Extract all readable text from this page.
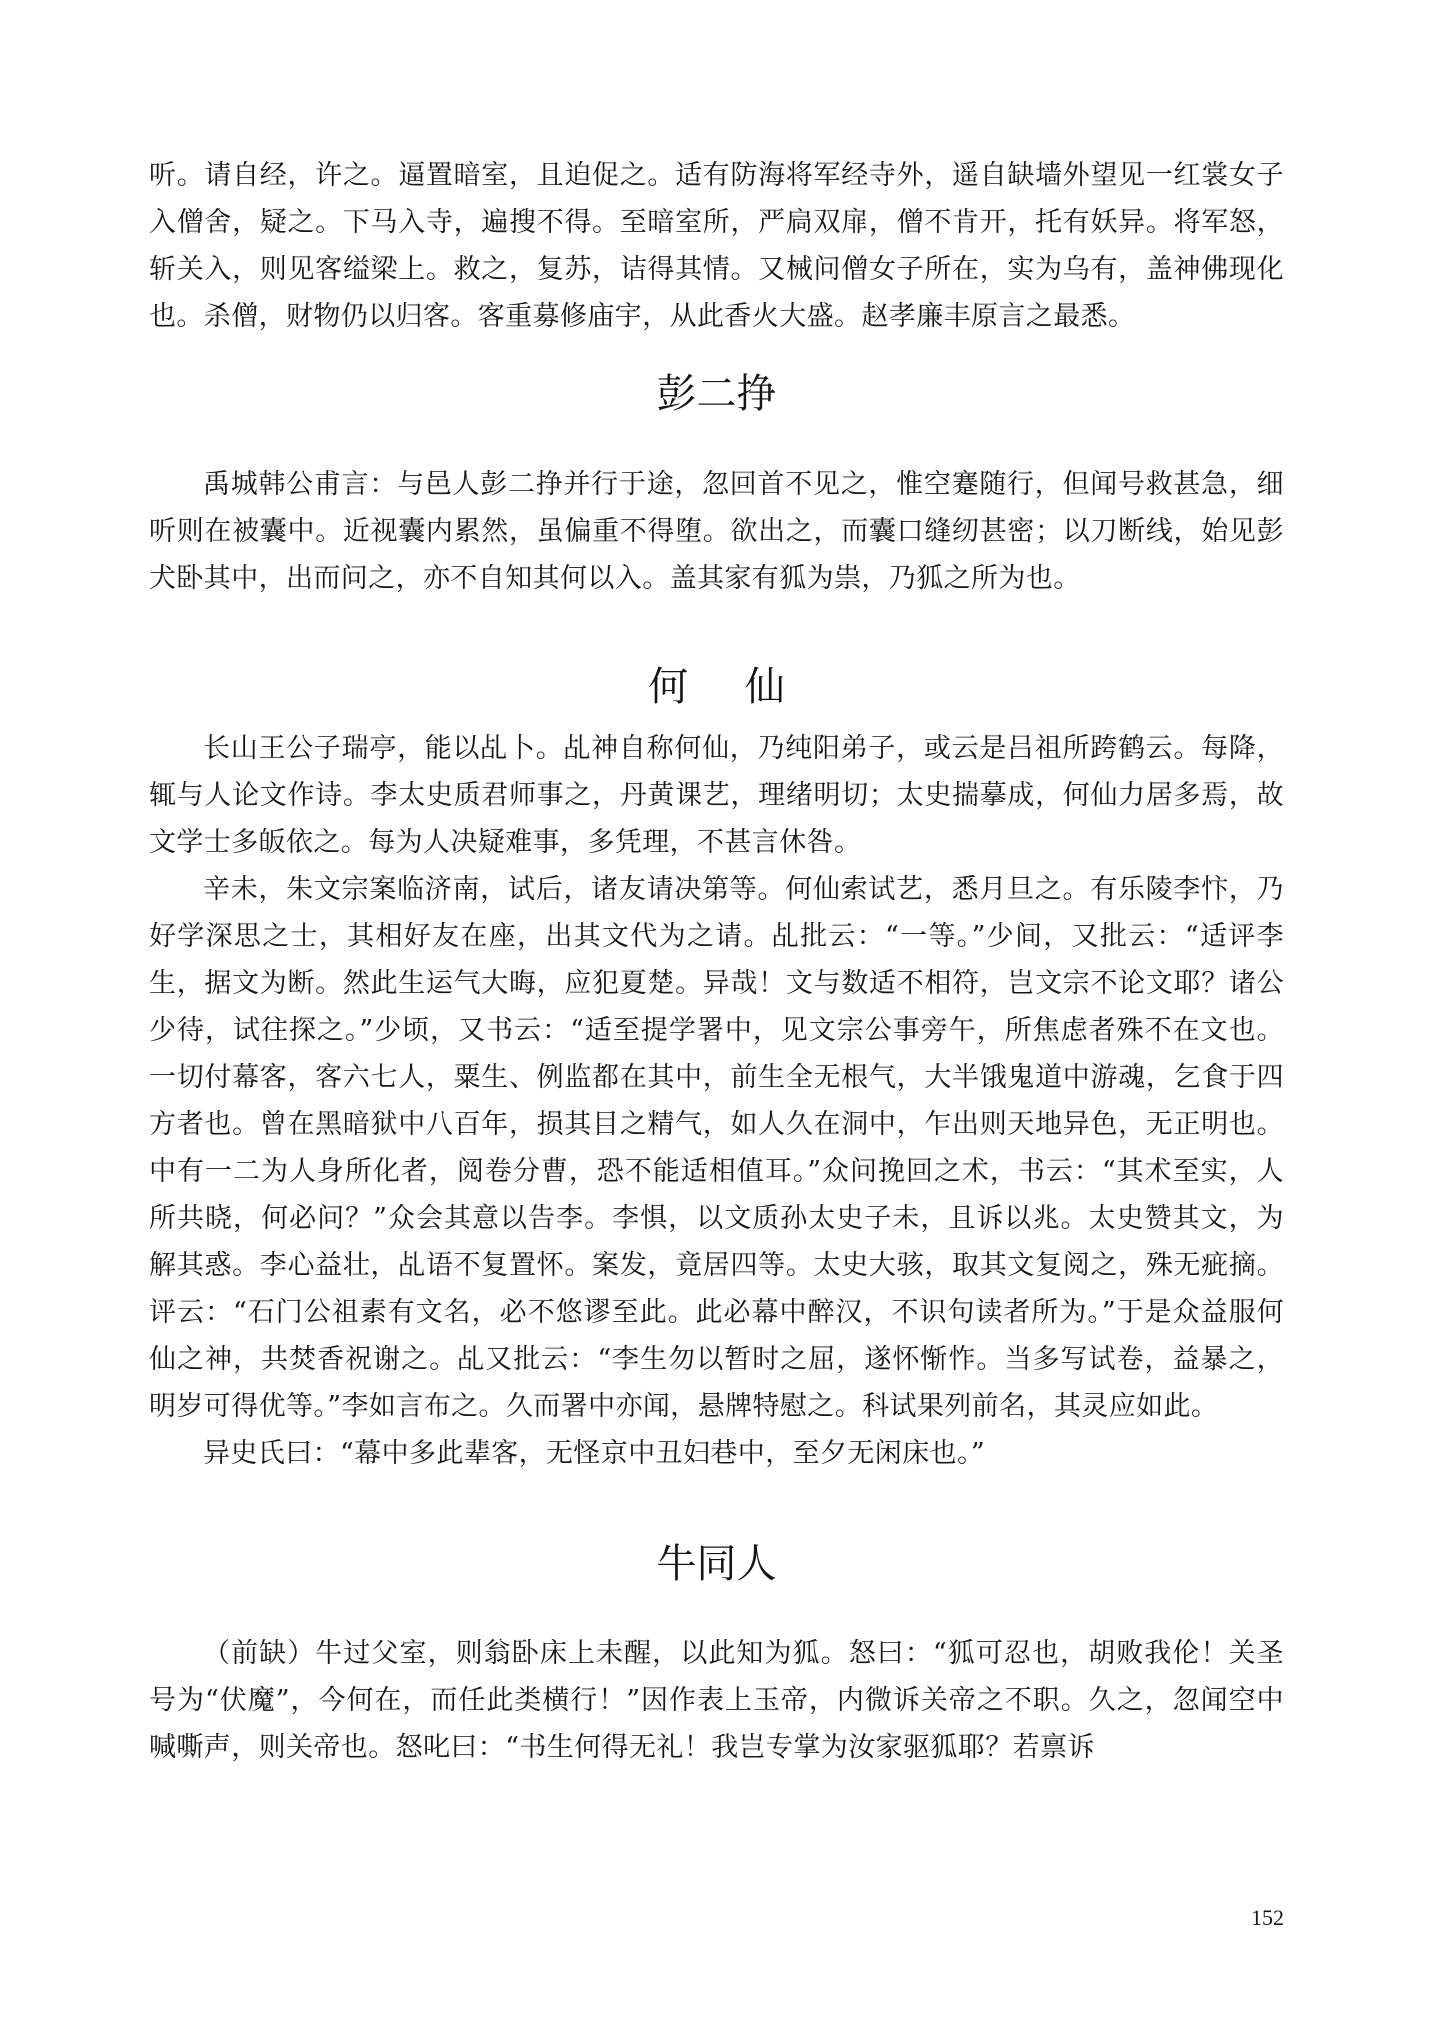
听。请自经，许之。逼置暗室，且迫促之。适有防海将军经寺外，遥自缺墙外望见一红裳女子入僧舍，疑之。下马入寺，遍搜不得。至暗室所，严扃双扉，僧不肯开，托有妖异。将军怒，斩关入，则见客缢梁上。救之，复苏，诘得其情。又械问僧女子所在，实为乌有，盖神佛现化也。杀僧，财物仍以归客。客重募修庙宇，从此香火大盛。赵孝廉丰原言之最悉。

彭二挣

禹城韩公甫言：与邑人彭二挣并行于途，忽回首不见之，惟空蹇随行，但闻号救甚急，细听则在被囊中。近视囊内累然，虽偏重不得堕。欲出之，而囊口缝纫甚密；以刀断线，始见彭犬卧其中，出而问之，亦不自知其何以入。盖其家有狐为祟，乃狐之所为也。

何 仙

长山王公子瑞亭，能以乩卜。乩神自称何仙，乃纯阳弟子，或云是吕祖所跨鹤云。每降，辄与人论文作诗。李太史质君师事之，丹黄课艺，理绪明切；太史揣摹成，何仙力居多焉，故文学士多皈依之。每为人决疑难事，多凭理，不甚言休咎。

辛未，朱文宗案临济南，试后，诸友请决第等。何仙索试艺，悉月旦之。有乐陵李忭，乃好学深思之士，其相好友在座，出其文代为之请。乩批云：“一等。”少间，又批云：“适评李生，据文为断。然此生运气大晦，应犯夏楚。异哉！文与数适不相符，岂文宗不论文耶？诸公少待，试往探之。”少顷，又书云：“适至提学署中，见文宗公事旁午，所焦虑者殊不在文也。一切付幕客，客六七人，粟生、例监都在其中，前生全无根气，大半饿鬼道中游魂，乞食于四方者也。曾在黑暗狱中八百年，损其目之精气，如人久在洞中，乍出则天地异色，无正明也。中有一二为人身所化者，阅卷分曹，恐不能适相值耳。”众问挽回之术，书云：“其术至实，人所共晓，何必问？”众会其意以告李。李惧，以文质孙太史子未，且诉以兆。太史赞其文，为解其惑。李心益壮，乩语不复置怀。案发，竟居四等。太史大骇，取其文复阅之，殊无疵摘。评云：“石门公祖素有文名，必不悠谬至此。此必幕中醉汉，不识句读者所为。”于是众益服何仙之神，共焚香祝谢之。乩又批云：“李生勿以暂时之屈，遂怀惭怍。当多写试卷，益暴之，明岁可得优等。”李如言布之。久而署中亦闻，悬牌特慰之。科试果列前名，其灵应如此。

异史氏曰：“幕中多此辈客，无怪京中丑妇巷中，至夕无闲床也。”

牛同人

（前缺）牛过父室，则翁卧床上未醒，以此知为狐。怒曰：“狐可忍也，胡败我伦！关圣号为“伏魔”，今何在，而任此类横行！”因作表上玉帝，内微诉关帝之不职。久之，忽闻空中喊嘶声，则关帝也。怒叱曰：“书生何得无礼！我岂专掌为汝家驱狐耶？若禀诉

152
